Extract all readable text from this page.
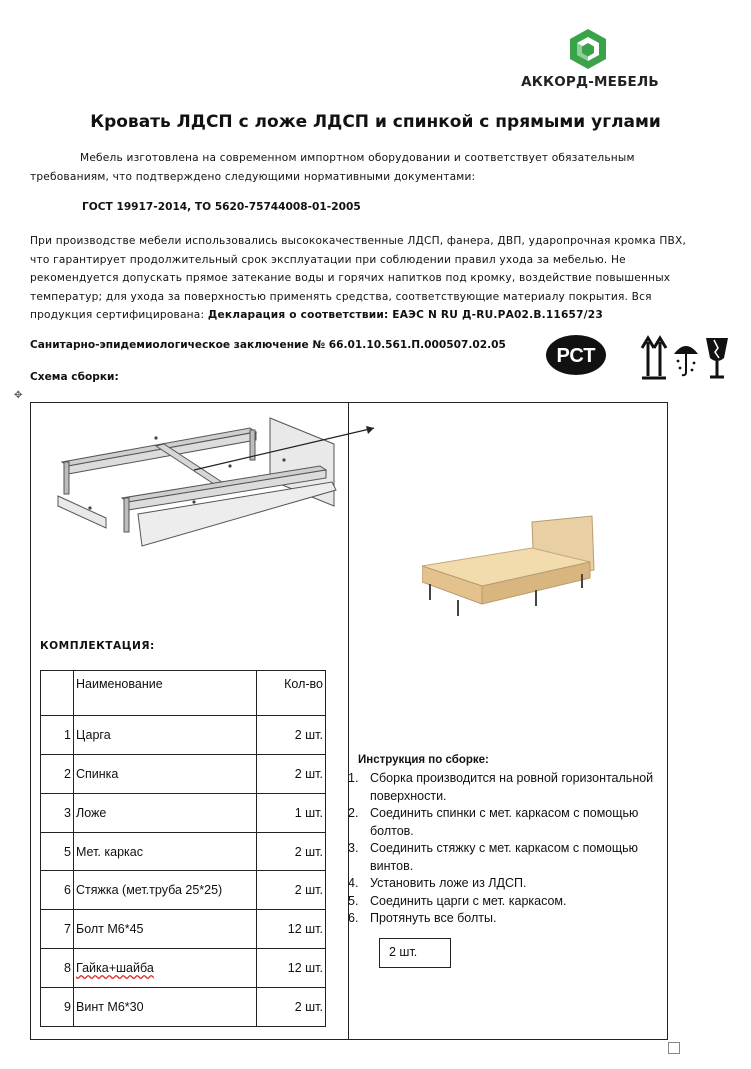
АККОРД-МЕБЕЛЬ
Кровать ЛДСП с ложе ЛДСП и спинкой с прямыми углами
Мебель изготовлена на современном импортном оборудовании и соответствует обязательным требованиям, что подтверждено следующими нормативными документами:
ГОСТ 19917-2014, ТО 5620-75744008-01-2005
При производстве мебели использовались высококачественные ЛДСП, фанера, ДВП, ударопрочная кромка ПВХ, что гарантирует продолжительный срок эксплуатации при соблюдении правил ухода за мебелью. Не рекомендуется допускать прямое затекание воды и горячих напитков под кромку, воздействие повышенных температур; для ухода за поверхностью применять средства, соответствующие материалу покрытия. Вся продукция сертифицирована: Декларация о соответствии: ЕАЭС N RU Д-RU.РА02.В.11657/23
Санитарно-эпидемиологическое заключение № 66.01.10.561.П.000507.02.05	РСТ
Схема сборки:
✥
КОМПЛЕКТАЦИЯ:
	Наименование	Кол-во
1	Царга	2 шт.
2	Спинка	2 шт.
3	Ложе	1 шт.
5	Мет. каркас	2 шт.
6	Стяжка (мет.труба 25*25)	2 шт.
7	Болт М6*45	12 шт.
8	Гайка+шайба	12 шт.
9	Винт М6*30	2 шт.
Инструкция по сборке:
1. Сборка производится на ровной горизонтальной поверхности.
2. Соединить спинки с мет. каркасом с помощью болтов.
3. Соединить стяжку с мет. каркасом с помощью винтов.
4. Установить ложе из ЛДСП.
5. Соединить царги с мет. каркасом.
6. Протянуть все болты.
2 шт.
